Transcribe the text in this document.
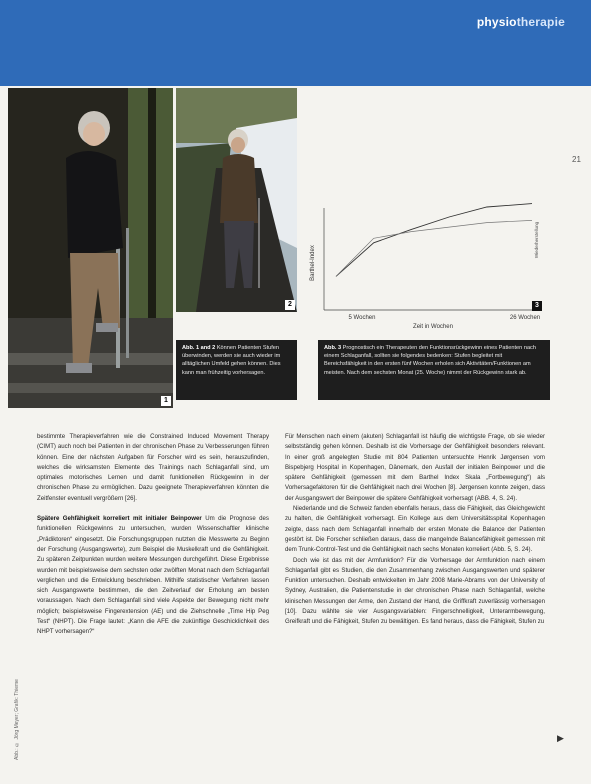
physiotherapie
21
1
2
Barthel-Index
Wiederherstellung
5 Wochen	26 Wochen
Zeit in Wochen
3
Abb. 1 and 2 Können Patienten Stufen überwinden, werden sie auch wieder im alltäglichen Umfeld gehen können. Dies kann man frühzeitig vorhersagen.
Abb. 3 Prognostisch ein Therapeuten den Funktionsrückgewinn eines Patienten nach einem Schlaganfall, sollten sie folgendes bedenken: Stufen begleitet mit Bereichsfähigkeit in den ersten fünf Wochen erholen sich Aktivitäten/Funktionen am meisten. Nach dem sechsten Monat (25. Woche) nimmt der Rückgewinn stark ab.

bestimmte Therapieverfahren wie die Constrained Induced Movement Therapy (CIMT) auch noch bei Patienten in der chronischen Phase zu Verbesserungen führen können. Eine der nächsten Aufgaben für Forscher wird es sein, herauszufinden, welches die wirksamsten Elemente des Trainings nach Schlaganfall sind, um optimales motorisches Lernen und damit funktionellen Rückgewinn in der chronischen Phase zu ermöglichen. Dazu geeignete Therapieverfahren könnten die Zeitfenster eventuell vergrößern [26].

Spätere Gehfähigkeit korreliert mit initialer Beinpower Um die Prognose des funktionellen Rückgewinns zu untersuchen, wurden Wissenschaftler klinische „Prädiktoren“ eingesetzt. Die Forschungsgruppen nutzten die Messwerte zu Beginn der Forschung (Ausgangswerte), zum Beispiel die Muskelkraft und die Gehfähigkeit. Zu späteren Zeitpunkten wurden weitere Messungen durchgeführt. Diese Ergebnisse wurden mit beispielsweise dem sechsten oder zwölften Monat nach dem Schlaganfall verglichen und die Entwicklung beschrieben. Mithilfe statistischer Verfahren lassen sich Ausgangswerte bestimmen, die den Zeitverlauf der Erholung am besten voraussagen. Nach dem Schlaganfall sind viele Aspekte der Bewegung nicht mehr möglich; beispielsweise Fingerextension (AE) und die Ziehschnelle „Time Hip Peg Test“ (NHPT). Die Frage lautet: „Kann die AFE die zukünftige Geschicklichkeit des NHPT vorhersagen?“

Für Menschen nach einem (akuten) Schlaganfall ist häufig die wichtigste Frage, ob sie wieder selbstständig gehen können. Deshalb ist die Vorhersage der Gehfähigkeit besonders relevant. In einer groß angelegten Studie mit 804 Patienten untersuchte Henrik Jørgensen vom Bispebjerg Hospital in Kopenhagen, Dänemark, den Ausfall der initialen Beinpower und die spätere Gehfähigkeit (gemessen mit dem Barthel Index Skala „Fortbewegung“) als Vorhersagefaktoren für die Gehfähigkeit nach drei Wochen [8]. Jørgensen konnte zeigen, dass der Ausgangswert der Beinpower die spätere Gehfähigkeit vorhersagt (ABB. 4, S. 24).

Niederlande und die Schweiz fanden ebenfalls heraus, dass die Fähigkeit, das Gleichgewicht zu halten, die Gehfähigkeit vorhersagt. Ein Kollege aus dem Universitätsspital Kopenhagen zeigte, dass nach dem Schlaganfall innerhalb der ersten Monate die Balance der Patienten gestört ist. Die Forscher schließen daraus, dass die mangelnde Balancefähigkeit gemessen mit dem Trunk-Control-Test und die Gehfähigkeit nach sechs Monaten korreliert (Abb. 5, S. 24).

Doch wie ist das mit der Armfunktion? Für die Vorhersage der Armfunktion nach einem Schlaganfall gibt es Studien, die den Zusammenhang zwischen Ausgangswerten und späterer Funktion untersuchen. Deshalb entwickelten im Jahr 2008 Marie-Abrams von der University of Sydney, Australien, die Patientenstudie in der chronischen Phase nach Schlaganfall, welche klinischen Messungen der Arme, den Zustand der Hand, die Griffkraft zuverlässig vorhersagen [10]. Dazu wählte sie vier Ausgangsvariablen: Fingerschnelligkeit, Unterarmbewegung, Greifkraft und die Fähigkeit, Stufen zu bewältigen. Es fand heraus, dass die Fähigkeit, Stufen zu

Abb.: © Jörg Meyer; Grafik: Thieme	▶
